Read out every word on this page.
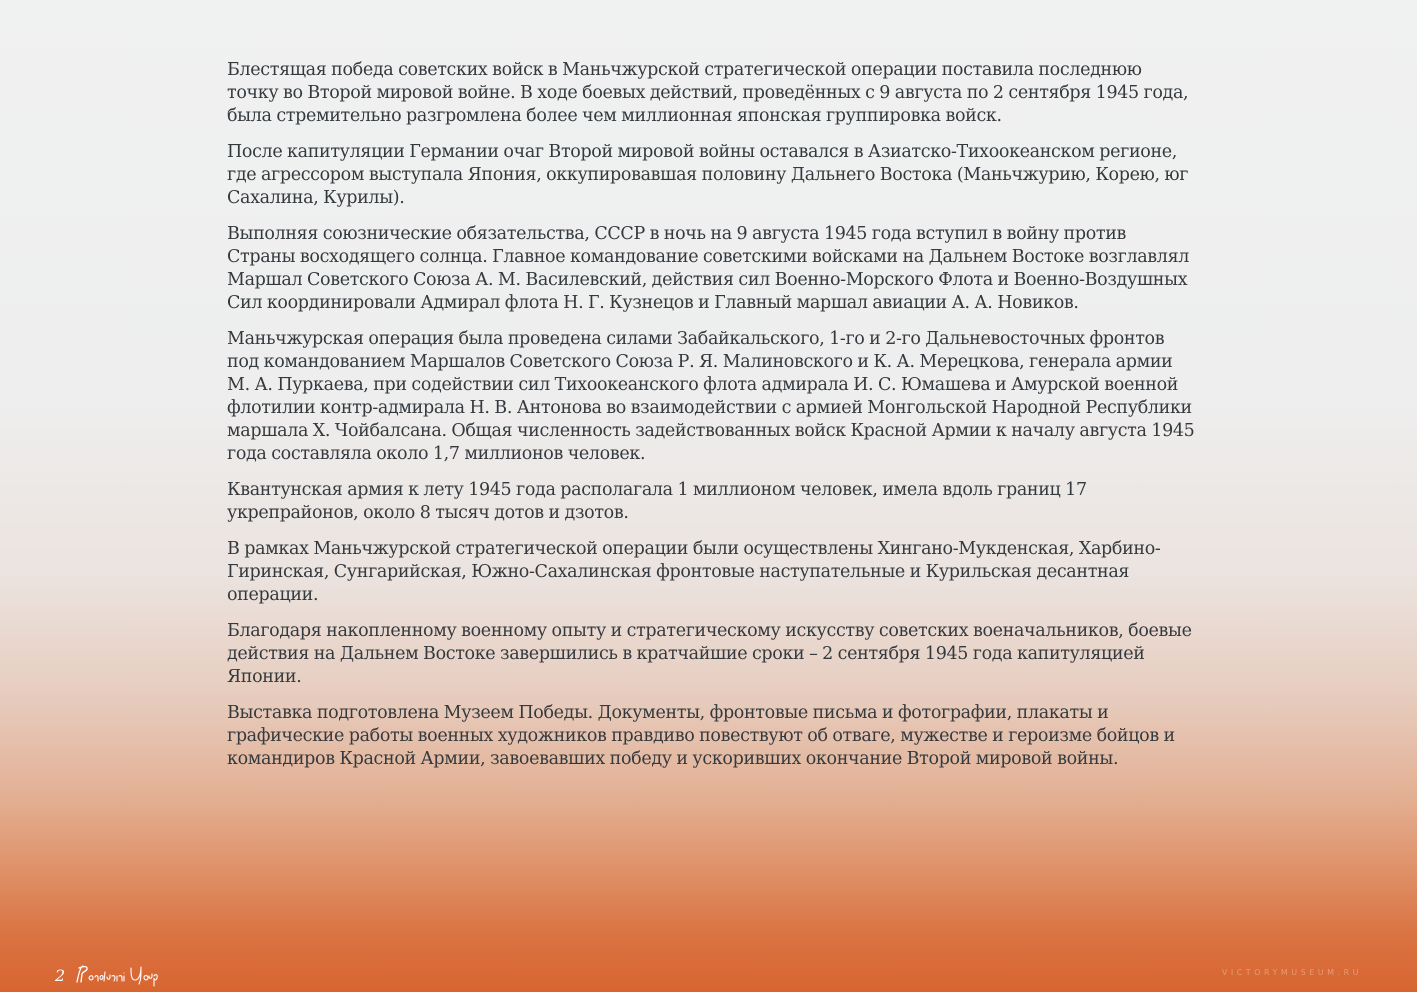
Блестящая победа советских войск в Маньчжурской стратегической операции поставила последнюю точку во Второй мировой войне. В ходе боевых действий, проведённых с 9 августа по 2 сентября 1945 года, была стремительно разгромлена более чем миллионная японская группировка войск.

После капитуляции Германии очаг Второй мировой войны оставался в Азиатско-Тихоокеанском регионе, где агрессором выступала Япония, оккупировавшая половину Дальнего Востока (Маньчжурию, Корею, юг Сахалина, Курилы).

Выполняя союзнические обязательства, СССР в ночь на 9 августа 1945 года вступил в войну против Страны восходящего солнца. Главное командование советскими войсками на Дальнем Востоке возглавлял Маршал Советского Союза А. М. Василевский, действия сил Военно-Морского Флота и Военно-Воздушных Сил координировали Адмирал флота Н. Г. Кузнецов и Главный маршал авиации А. А. Новиков.

Маньчжурская операция была проведена силами Забайкальского, 1-го и 2-го Дальневосточных фронтов под командованием Маршалов Советского Союза Р. Я. Малиновского и К. А. Мерецкова, генерала армии М. А. Пуркаева, при содействии сил Тихоокеанского флота адмирала И. С. Юмашева и Амурской военной флотилии контр-адмирала Н. В. Антонова во взаимодействии с армией Монгольской Народной Республики маршала Х. Чойбалсана. Общая численность задействованных войск Красной Армии к началу августа 1945 года составляла около 1,7 миллионов человек.

Квантунская армия к лету 1945 года располагала 1 миллионом человек, имела вдоль границ 17 укрепрайонов, около 8 тысяч дотов и дзотов.

В рамках Маньчжурской стратегической операции были осуществлены Хингано-Мукденская, Харбино-Гиринская, Сунгарийская, Южно-Сахалинская фронтовые наступательные и Курильская десантная операции.

Благодаря накопленному военному опыту и стратегическому искусству советских военачальников, боевые действия на Дальнем Востоке завершились в кратчайшие сроки – 2 сентября 1945 года капитуляцией Японии.

Выставка подготовлена Музеем Победы. Документы, фронтовые письма и фотографии, плакаты и графические работы военных художников правдиво повествуют об отваге, мужестве и героизме бойцов и командиров Красной Армии, завоевавших победу и ускоривших окончание Второй мировой войны.

2	VICTORYMUSEUM.RU
